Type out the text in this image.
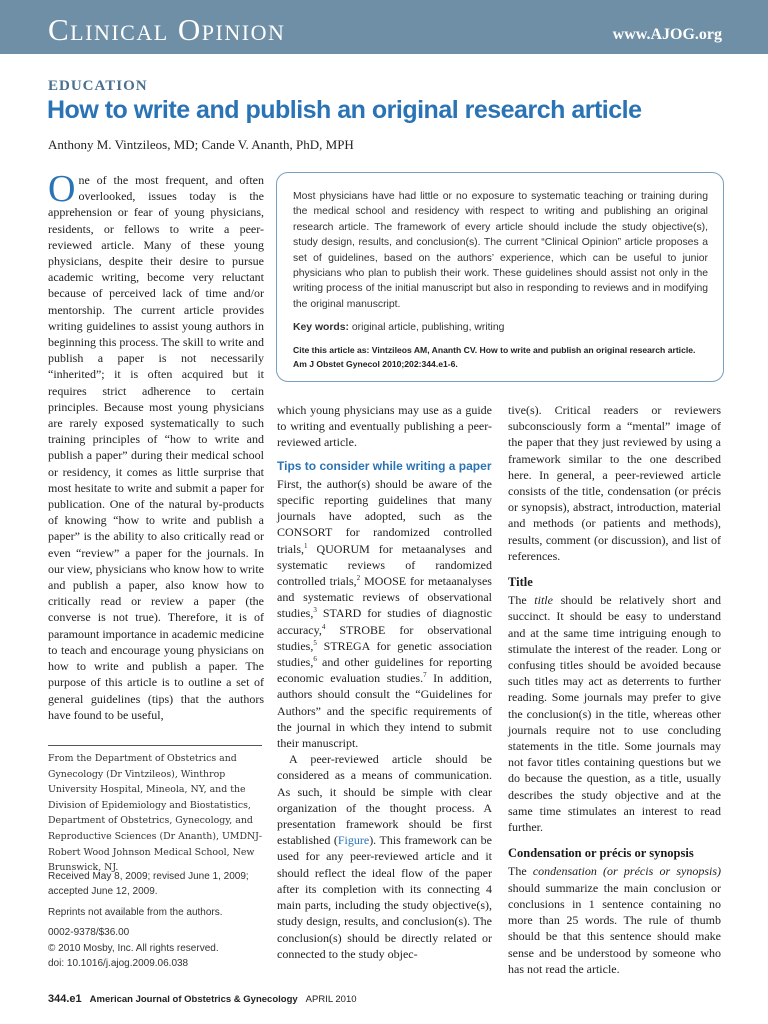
Clinical Opinion	www.AJOG.org
EDUCATION
How to write and publish an original research article
Anthony M. Vintzileos, MD; Cande V. Ananth, PhD, MPH
One of the most frequent, and often overlooked, issues today is the apprehension or fear of young physicians, residents, or fellows to write a peer-reviewed article. Many of these young physicians, despite their desire to pursue academic writing, become very reluctant because of perceived lack of time and/or mentorship. The current article provides writing guidelines to assist young authors in beginning this process. The skill to write and publish a paper is not necessarily “inherited”; it is often acquired but it requires strict adherence to certain principles. Because most young physicians are rarely exposed systematically to such training principles of “how to write and publish a paper” during their medical school or residency, it comes as little surprise that most hesitate to write and submit a paper for publication. One of the natural by-products of knowing “how to write and publish a paper” is the ability to also critically read or even “review” a paper for the journals. In our view, physicians who know how to write and publish a paper, also know how to critically read or review a paper (the converse is not true). Therefore, it is of paramount importance in academic medicine to teach and encourage young physicians on how to write and publish a paper. The purpose of this article is to outline a set of general guidelines (tips) that the authors have found to be useful,

Most physicians have had little or no exposure to systematic teaching or training during the medical school and residency with respect to writing and publishing an original research article. The framework of every article should include the study objective(s), study design, results, and conclusion(s). The current “Clinical Opinion” article proposes a set of guidelines, based on the authors’ experience, which can be useful to junior physicians who plan to publish their work. These guidelines should assist not only in the writing process of the initial manuscript but also in responding to reviews and in modifying the original manuscript.

Key words: original article, publishing, writing

Cite this article as: Vintzileos AM, Ananth CV. How to write and publish an original research article. Am J Obstet Gynecol 2010;202:344.e1-6.

which young physicians may use as a guide to writing and eventually publishing a peer-reviewed article.

Tips to consider while writing a paper

First, the author(s) should be aware of the specific reporting guidelines that many journals have adopted, such as the CONSORT for randomized controlled trials,$^1$ QUORUM for metaanalyses and systematic reviews of randomized controlled trials,$^2$ MOOSE for metaanalyses and systematic reviews of observational studies,$^3$ STARD for studies of diagnostic accuracy,$^4$ STROBE for observational studies,$^5$ STREGA for genetic association studies,$^6$ and other guidelines for reporting economic evaluation studies.$^7$ In addition, authors should consult the “Guidelines for Authors” and the specific requirements of the journal in which they intend to submit their manuscript.

A peer-reviewed article should be considered as a means of communication. As such, it should be simple with clear organization of the thought process. A presentation framework should be first established (Figure). This framework can be used for any peer-reviewed article and it should reflect the ideal flow of the paper after its completion with its connecting 4 main parts, including the study objective(s), study design, results, and conclusion(s). The conclusion(s) should be directly related or connected to the study objec-

tive(s). Critical readers or reviewers subconsciously form a “mental” image of the paper that they just reviewed by using a framework similar to the one described here. In general, a peer-reviewed article consists of the title, condensation (or précis or synopsis), abstract, introduction, material and methods (or patients and methods), results, comment (or discussion), and list of references.

Title

The title should be relatively short and succinct. It should be easy to understand and at the same time intriguing enough to stimulate the interest of the reader. Long or confusing titles should be avoided because such titles may act as deterrents to further reading. Some journals may prefer to give the conclusion(s) in the title, whereas other journals require not to use concluding statements in the title. Some journals may not favor titles containing questions but we do because the question, as a title, usually describes the study objective and at the same time stimulates an interest to read further.

Condensation or précis or synopsis

The condensation (or précis or synopsis) should summarize the main conclusion or conclusions in 1 sentence containing no more than 25 words. The rule of thumb should be that this sentence should make sense and be understood by someone who has not read the article.

From the Department of Obstetrics and Gynecology (Dr Vintzileos), Winthrop University Hospital, Mineola, NY, and the Division of Epidemiology and Biostatistics, Department of Obstetrics, Gynecology, and Reproductive Sciences (Dr Ananth), UMDNJ-Robert Wood Johnson Medical School, New Brunswick, NJ.
Received May 8, 2009; revised June 1, 2009;
accepted June 12, 2009.
Reprints not available from the authors.
0002-9378/$36.00
© 2010 Mosby, Inc. All rights reserved.
doi: 10.1016/j.ajog.2009.06.038
344.e1 American Journal of Obstetrics & Gynecology APRIL 2010
